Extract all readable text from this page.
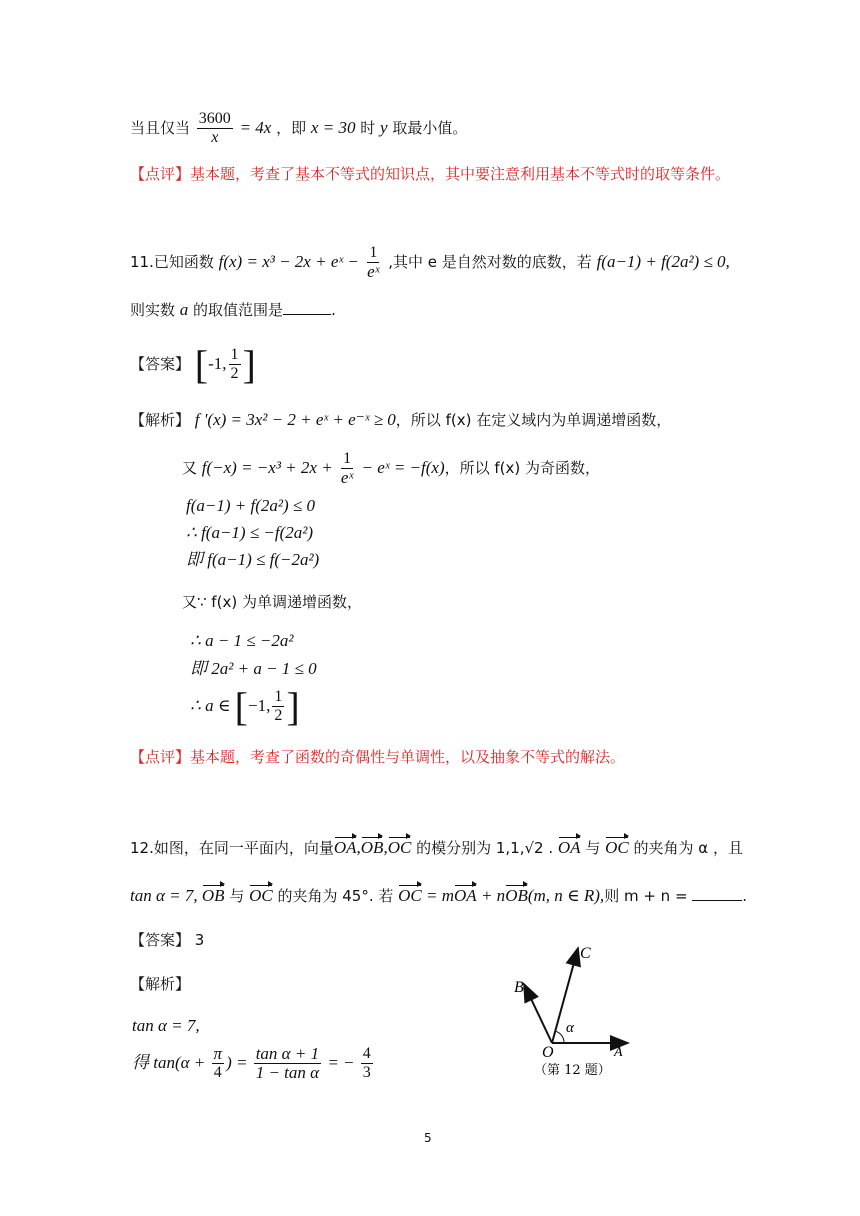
当且仅当 $\frac{3600}{x} = 4x$ ，即 x = 30 时 y 取最小值。
【点评】基本题，考查了基本不等式的知识点，其中要注意利用基本不等式时的取等条件。
11.已知函数 f(x) = x³ − 2x + eˣ − $\frac{1}{\text{eˣ}}$ ,其中 e 是自然对数的底数，若 f(a−1) + f(2a²) ≤ 0,
则实数 a 的取值范围是	.
【答案】 [-1, $\frac{1}{2}$ ]
【解析】 f '(x) = 3x² − 2 + eˣ + e⁻ˣ ≥ 0，所以 f(x) 在定义域内为单调递增函数，
又 $f(-x) = -x^3 + 2x + \frac{1}{\text{eˣ}}$ − eˣ = −f(x)，所以 f(x) 为奇函数，
f(a−1) + f(2a²) ≤ 0
∴ f(a−1) ≤ −f(2a²)
即 f(a−1) ≤ f(−2a²)
又∵ f(x) 为单调递增函数，
∴ a − 1 ≤ −2a²
即 2a² + a − 1 ≤ 0
∴ a ∈ [−1, $\frac{1}{2}$ ]
【点评】基本题，考查了函数的奇偶性与单调性，以及抽象不等式的解法。
12.如图，在同一平面内，向量OA,OB,OC 的模分别为 1,1,√2 . OA 与 OC 的夹角为 α ，且
tan α = 7, OB 与 OC 的夹角为 45°. 若 OC = mOA + nOB(m, n ∈ R),则 m + n =	.
【答案】 3
【解析】
tan α = 7,
得 $\tan(\alpha + \frac{\pi}{4}$ ) = $\frac{\text{tan α + 1}}{\text{1 − tan α}}$ = − $\frac{4}{3}$
C
B
α
O	A
（第 12 题）
5
